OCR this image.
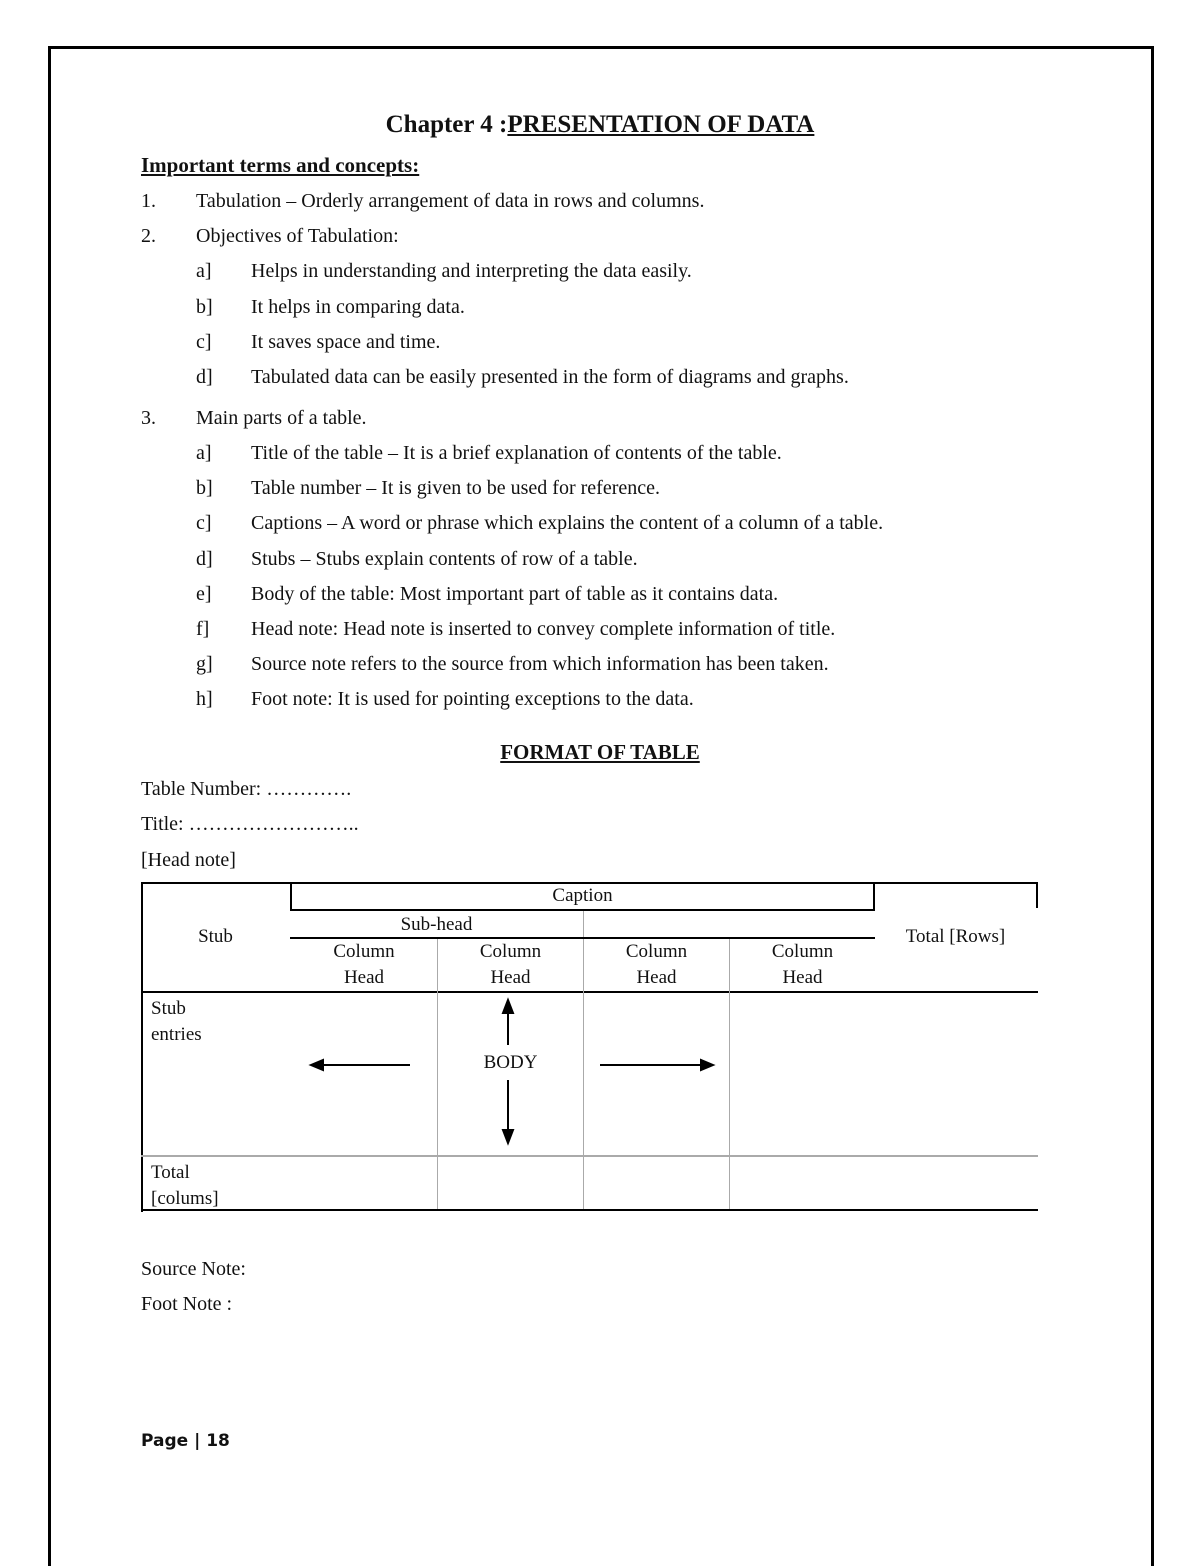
Chapter 4 :PRESENTATION OF DATA
Important terms and concepts:
1. Tabulation – Orderly arrangement of data in rows and columns.
2. Objectives of Tabulation:
a] Helps in understanding and interpreting the data easily.
b] It helps in comparing data.
c] It saves space and time.
d] Tabulated data can be easily presented in the form of diagrams and graphs.
3. Main parts of a table.
a] Title of the table – It is a brief explanation of contents of the table.
b] Table number – It is given to be used for reference.
c] Captions – A word or phrase which explains the content of a column of a table.
d] Stubs – Stubs explain contents of row of a table.
e] Body of the table: Most important part of table as it contains data.
f] Head note: Head note is inserted to convey complete information of title.
g] Source note refers to the source from which information has been taken.
h] Foot note: It is used for pointing exceptions to the data.
FORMAT OF TABLE
Table Number: ………….
Title: ……………………..
[Head note]
Caption
Sub-head
Stub	Total [Rows]
Column
Head
Column
Head
Column
Head
Column
Head
Stub
entries
BODY
Total
[colums]
Source Note:
Foot Note :
Page | 18
